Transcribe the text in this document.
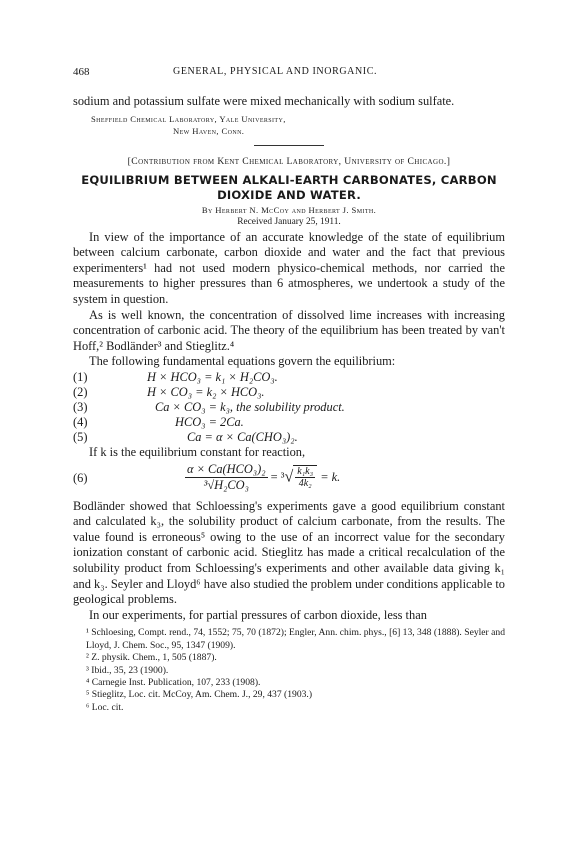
468	GENERAL, PHYSICAL AND INORGANIC.

sodium and potassium sulfate were mixed mechanically with sodium sulfate.

Sheffield Chemical Laboratory, Yale University,
New Haven, Conn.
[Contribution from Kent Chemical Laboratory, University of Chicago.]
EQUILIBRIUM BETWEEN ALKALI-EARTH CARBONATES, CARBON
DIOXIDE AND WATER.
By Herbert N. McCoy and Herbert J. Smith.
Received January 25, 1911.

In view of the importance of an accurate knowledge of the state of equilibrium between calcium carbonate, carbon dioxide and water and the fact that previous experimenters¹ had not used modern physico-chemical methods, nor carried the measurements to higher pressures than 6 atmospheres, we undertook a study of the system in question.

As is well known, the concentration of dissolved lime increases with increasing concentration of carbonic acid. The theory of the equilibrium has been treated by van't Hoff,² Bodländer³ and Stieglitz.⁴

The following fundamental equations govern the equilibrium:

(1)	H × HCO₃ = k₁ × H₂CO₃.
(2)	H × CO₃ = k₂ × HCO₃.
(3)	Ca × CO₃ = k₃, the solubility product.
(4)	HCO₃ = 2Ca.
(5)	Ca = α × Ca(CHO₃)₂.

If k is the equilibrium constant for reaction,

(6)	$\frac{\text{α × Ca(HCO₃)₂}}{\text{³√H₂CO₃}} = ^3√ \frac{\text{k₁k₃}}{\text{4k₂}} = k$.

Bodländer showed that Schloessing's experiments gave a good equilibrium constant and calculated k₃, the solubility product of calcium carbonate, from the results. The value found is erroneous⁵ owing to the use of an incorrect value for the secondary ionization constant of carbonic acid. Stieglitz has made a critical recalculation of the solubility product from Schloessing's experiments and other available data giving k₁ and k₃. Seyler and Lloyd⁶ have also studied the problem under conditions applicable to geological problems.

In our experiments, for partial pressures of carbon dioxide, less than

¹ Schloesing, Compt. rend., 74, 1552; 75, 70 (1872); Engler, Ann. chim. phys., [6] 13, 348 (1888). Seyler and Lloyd, J. Chem. Soc., 95, 1347 (1909).

² Z. physik. Chem., 1, 505 (1887).

³ Ibid., 35, 23 (1900).

⁴ Carnegie Inst. Publication, 107, 233 (1908).

⁵ Stieglitz, Loc. cit. McCoy, Am. Chem. J., 29, 437 (1903.)

⁶ Loc. cit.
